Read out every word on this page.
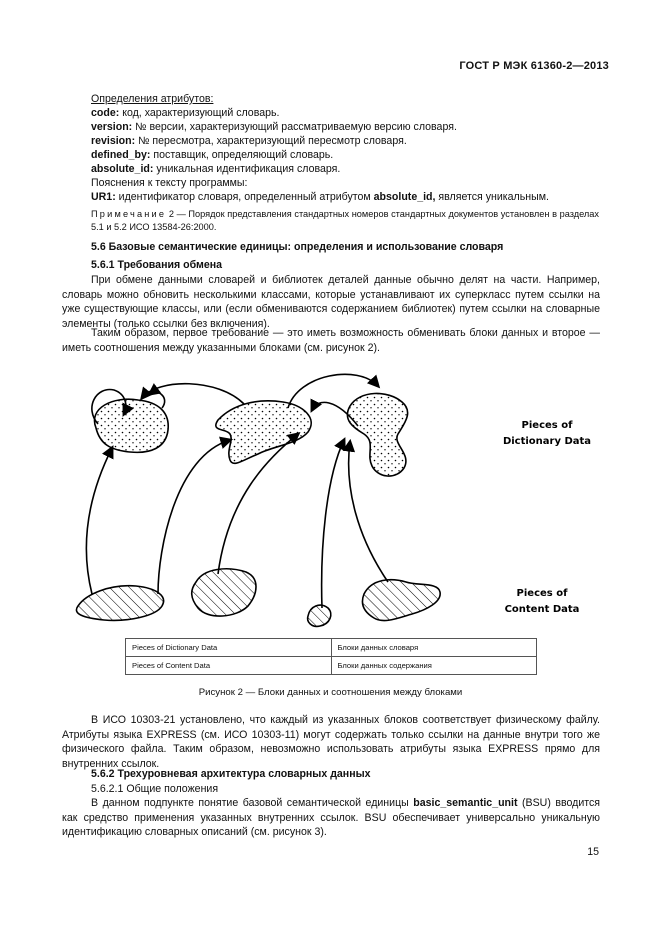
ГОСТ Р МЭК 61360-2—2013
Определения атрибутов:
code: код, характеризующий словарь.
version: № версии, характеризующий рассматриваемую версию словаря.
revision: № пересмотра, характеризующий пересмотр словаря.
defined_by: поставщик, определяющий словарь.
absolute_id: уникальная идентификация словаря.
Пояснения к тексту программы:
UR1: идентификатор словаря, определенный атрибутом absolute_id, является уникальным.
Примечание 2 — Порядок представления стандартных номеров стандартных документов установлен в разделах 5.1 и 5.2 ИСО 13584-26:2000.
5.6 Базовые семантические единицы: определения и использование словаря
5.6.1 Требования обмена
При обмене данными словарей и библиотек деталей данные обычно делят на части. Например, словарь можно обновить несколькими классами, которые устанавливают их суперкласс путем ссылки на уже существующие классы, или (если обмениваются содержанием библиотек) путем ссылки на словарные элементы (только ссылки без включения).
Таким образом, первое требование — это иметь возможность обменивать блоки данных и второе — иметь соотношения между указанными блоками (см. рисунок 2).
Pieces of
Dictionary Data
Pieces of
Content Data
Pieces of Dictionary Data	Блоки данных словаря
Pieces of Content Data	Блоки данных содержания
Рисунок 2 — Блоки данных и соотношения между блоками
В ИСО 10303-21 установлено, что каждый из указанных блоков соответствует физическому файлу. Атрибуты языка EXPRESS (см. ИСО 10303-11) могут содержать только ссылки на данные внутри того же физического файла. Таким образом, невозможно использовать атрибуты языка EXPRESS прямо для внутренних ссылок.
5.6.2 Трехуровневая архитектура словарных данных
5.6.2.1 Общие положения
В данном подпункте понятие базовой семантической единицы basic_semantic_unit (BSU) вводится как средство применения указанных внутренних ссылок. BSU обеспечивает универсально уникальную идентификацию словарных описаний (см. рисунок 3).
15
